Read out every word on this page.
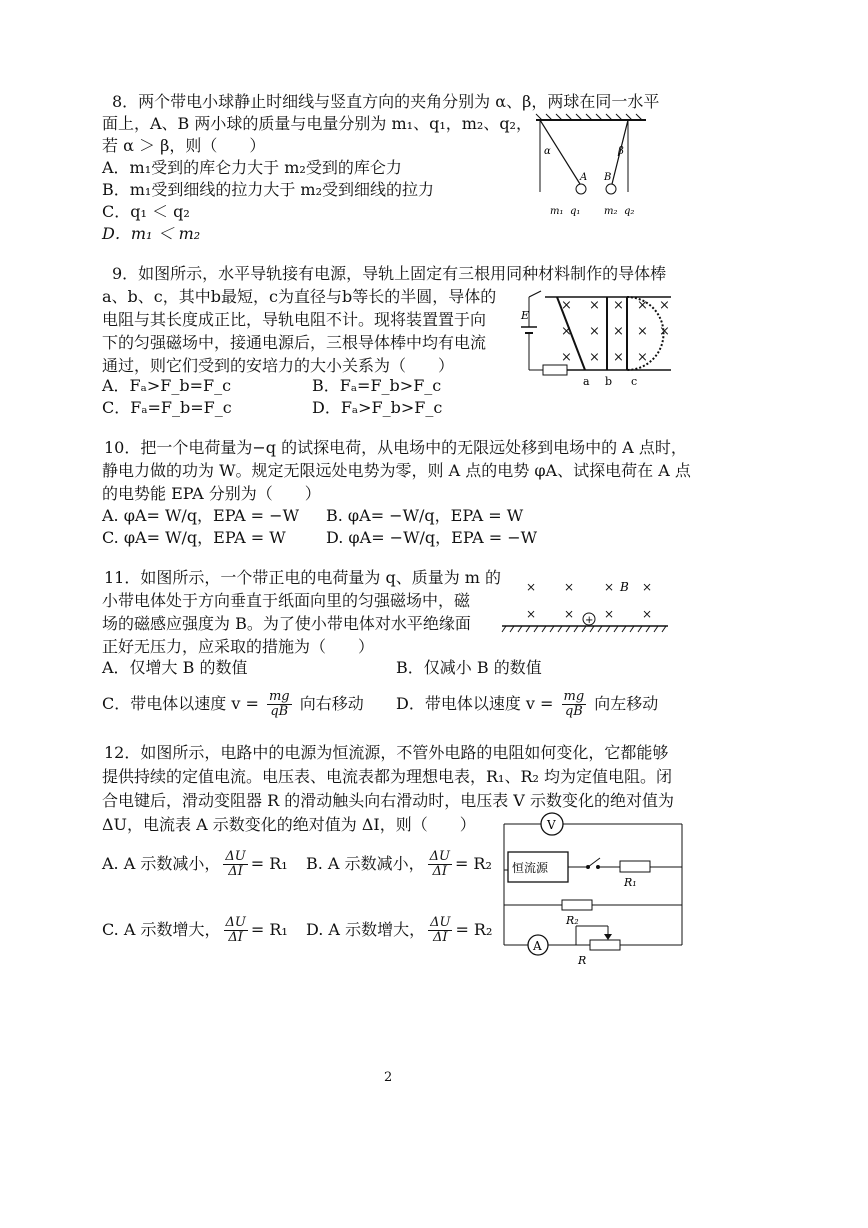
8．两个带电小球静止时细线与竖直方向的夹角分别为 α、β，两球在同一水平
面上，A、B 两小球的质量与电量分别为 m₁、q₁，m₂、q₂，
若 α ＞ β，则（　　）
A．m₁受到的库仑力大于 m₂受到的库仑力
B．m₁受到细线的拉力大于 m₂受到细线的拉力
C．q₁ ＜ q₂
D．m₁ ＜ m₂
α	β
A B
m₁ q₁ m₂ q₂
9．如图所示，水平导轨接有电源，导轨上固定有三根用同种材料制作的导体棒
a、b、c，其中b最短，c为直径与b等长的半圆，导体的
电阻与其长度成正比，导轨电阻不计。现将装置置于向
下的匀强磁场中，接通电源后，三根导体棒中均有电流
通过，则它们受到的安培力的大小关系为（　　）
A．Fₐ>F_b=F_c	B．Fₐ=F_b>F_c
C．Fₐ=F_b=F_c	D．Fₐ>F_b>F_c
E
× × × × ×
× × × × ×
× × × ×
a b c
10．把一个电荷量为−q 的试探电荷，从电场中的无限远处移到电场中的 A 点时，
静电力做的功为 W。规定无限远处电势为零，则 A 点的电势 φA、试探电荷在 A 点
的电势能 EPA 分别为（　　）
A. φA= W/q，EPA = −W B. φA= −W/q，EPA = W
C. φA= W/q，EPA = W	D. φA= −W/q，EPA = −W
11．如图所示，一个带正电的电荷量为 q、质量为 m 的
小带电体处于方向垂直于纸面向里的匀强磁场中，磁
场的磁感应强度为 B。为了使小带电体对水平绝缘面
正好无压力，应采取的措施为（　　）
A．仅增大 B 的数值	B．仅减小 B 的数值
C．带电体以速度 $v = \frac{mg}{qB}$ 向右移动 D．带电体以速度 $v = \frac{mg}{qB}$ 向左移动
× × × ×
× × × ×
B
+
12．如图所示，电路中的电源为恒流源，不管外电路的电阻如何变化，它都能够
提供持续的定值电流。电压表、电流表都为理想电表，R₁、R₂ 均为定值电阻。闭
合电键后，滑动变阻器 R 的滑动触头向右滑动时，电压表 V 示数变化的绝对值为
ΔU，电流表 A 示数变化的绝对值为 ΔI，则（　　）
A. A 示数减小， $\frac{\Delta U}{\Delta I} = R_1$ B. A 示数减小， $\frac{\Delta U}{\Delta I} = R_2$
C. A 示数增大， $\frac{\Delta U}{\Delta I} = R_1$ D. A 示数增大， $\frac{\Delta U}{\Delta I} = R_2$
V
恒流源
R₁
R₂
A
R
2
